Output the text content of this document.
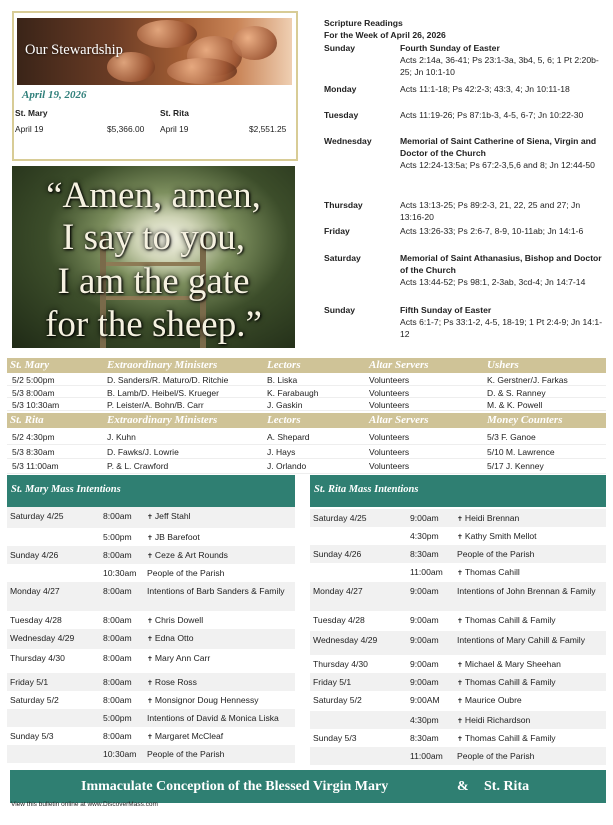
Our Stewardship
April 19, 2026
St. Mary	St. Rita
April 19	$5,366.00 April 19	$2,551.25
“Amen, amen,
I say to you,
I am the gate
for the sheep.”
Scripture Readings
For the Week of April 26, 2026
Sunday	Fourth Sunday of Easter
Acts 2:14a, 36-41; Ps 23:1-3a, 3b4, 5, 6; 1 Pt 2:20b-25; Jn 10:1-10
Monday	Acts 11:1-18; Ps 42:2-3; 43:3, 4; Jn 10:11-18
Tuesday	Acts 11:19-26; Ps 87:1b-3, 4-5, 6-7; Jn 10:22-30
Wednesday	Memorial of Saint Catherine of Siena, Virgin and Doctor of the Church
Acts 12:24-13:5a; Ps 67:2-3,5,6 and 8; Jn 12:44-50
Thursday	Acts 13:13-25; Ps 89:2-3, 21, 22, 25 and 27; Jn 13:16-20
Friday	Acts 13:26-33; Ps 2:6-7, 8-9, 10-11ab; Jn 14:1-6
Saturday	Memorial of Saint Athanasius, Bishop and Doctor of the Church
Acts 13:44-52; Ps 98:1, 2-3ab, 3cd-4; Jn 14:7-14
Sunday	Fifth Sunday of Easter
Acts 6:1-7; Ps 33:1-2, 4-5, 18-19; 1 Pt 2:4-9; Jn 14:1-12
St. Mary	Extraordinary Ministers	Lectors	Altar Servers	Ushers
5/2 5:00pm	D. Sanders/R. Maturo/D. Ritchie	B. Liska	Volunteers	K. Gerstner/J. Farkas
5/3 8:00am	B. Lamb/D. Heibel/S. Krueger	K. Farabaugh	Volunteers	D. & S. Ranney
5/3 10:30am	P. Leister/A. Bohn/B. Carr	J. Gaskin	Volunteers	M. & K. Powell
St. Rita	Extraordinary Ministers	Lectors	Altar Servers	Money Counters
5/2 4:30pm	J. Kuhn	A. Shepard	Volunteers	5/3 F. Ganoe
5/3 8:30am	D. Fawks/J. Lowrie	J. Hays	Volunteers	5/10 M. Lawrence
5/3 11:00am	P. & L. Crawford	J. Orlando	Volunteers	5/17 J. Kenney
St. Mary Mass Intentions	St. Rita Mass Intentions
Saturday 4/25	8:00am ✝ Jeff Stahl
5:00pm ✝ JB Barefoot
Sunday 4/26	8:00am ✝ Ceze & Art Rounds
10:30am People of the Parish
Monday 4/27	8:00am Intentions of Barb Sanders & Family
Tuesday 4/28	8:00am ✝ Chris Dowell
Wednesday 4/29	8:00am ✝ Edna Otto
Thursday 4/30	8:00am ✝ Mary Ann Carr
Friday 5/1	8:00am ✝ Rose Ross
Saturday 5/2	8:00am ✝ Monsignor Doug Hennessy
5:00pm Intentions of David & Monica Liska
Sunday 5/3	8:00am ✝ Margaret McCleaf
10:30am People of the Parish
Saturday 4/25	9:00am	✝ Heidi Brennan
4:30pm	✝ Kathy Smith Mellot
Sunday 4/26	8:30am People of the Parish
11:00am ✝ Thomas Cahill
Monday 4/27	9:00am Intentions of John Brennan & Family
Tuesday 4/28	9:00am	✝ Thomas Cahill & Family
Wednesday 4/29	9:00am Intentions of Mary Cahill & Family
Thursday 4/30	9:00am	✝ Michael & Mary Sheehan
Friday 5/1	9:00am	✝ Thomas Cahill & Family
Saturday 5/2	9:00AM ✝ Maurice Oubre
4:30pm	✝ Heidi Richardson
Sunday 5/3	8:30am	✝ Thomas Cahill & Family
11:00am People of the Parish
Immaculate Conception of the Blessed Virgin Mary	& St. Rita
View this bulletin online at www.DiscoverMass.com
